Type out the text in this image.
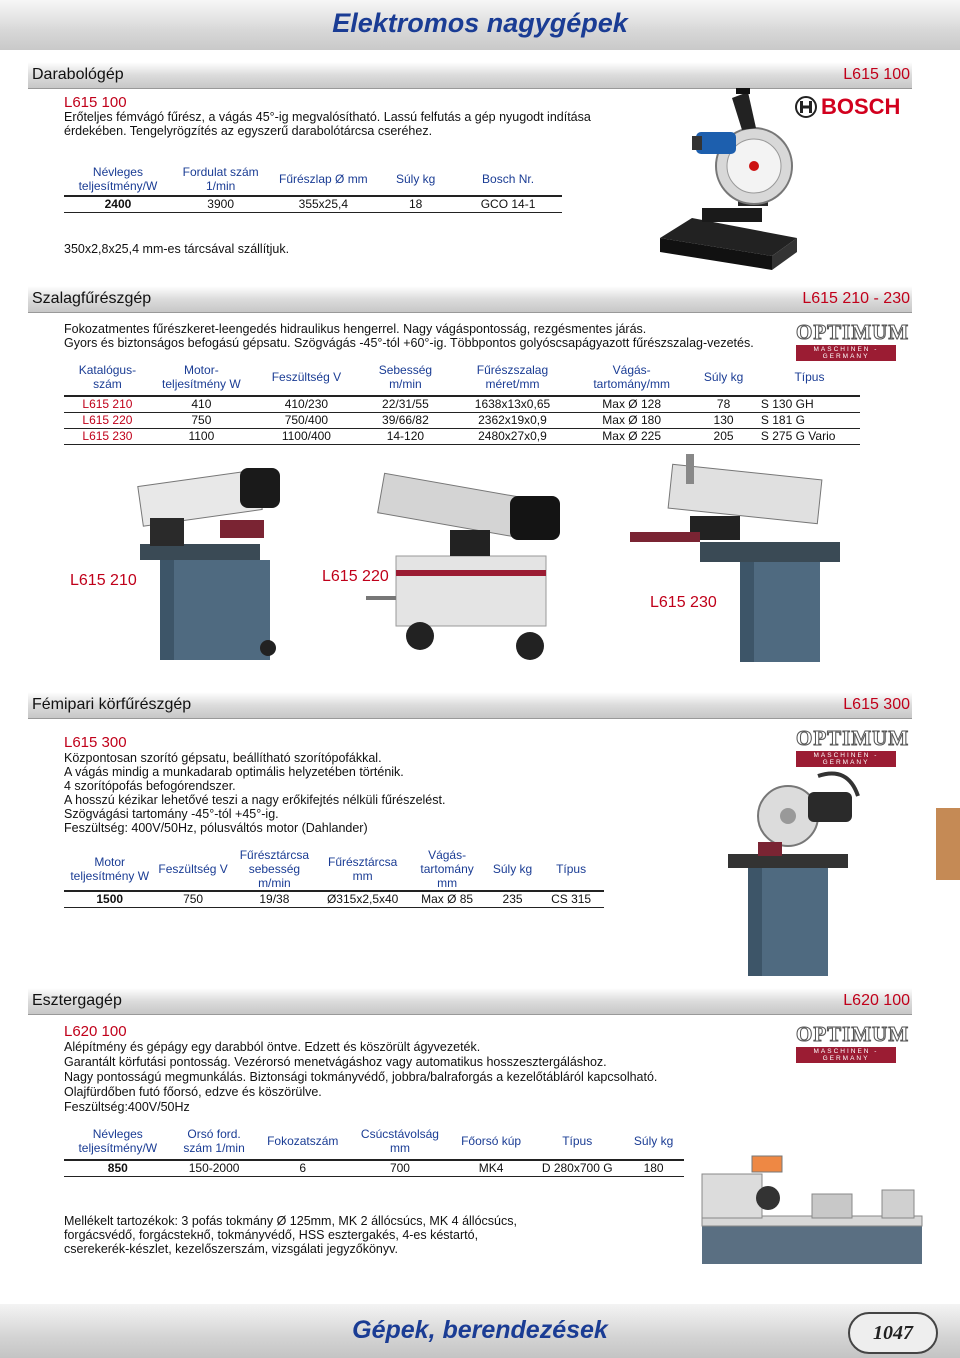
Elektromos nagygépek
Darabológép	L615 100
L615 100
Erőteljes fémvágó fűrész, a vágás 45°-ig megvalósítható. Lassú felfutás a gép nyugodt indítása
érdekében. Tengelyrögzítés az egyszerű darabolótárcsa cseréhez.
Névleges teljesítmény/W	Fordulat szám 1/min	Fűrészlap Ø mm	Súly kg	Bosch Nr.
2400	3900	355x25,4	18	GCO 14-1
350x2,8x25,4 mm-es tárcsával szállítjuk.
BOSCH
Szalagfűrészgép	L615 210 - 230
Fokozatmentes fűrészkeret-leengedés hidraulikus hengerrel. Nagy vágáspontosság, rezgésmentes járás.
Gyors és biztonságos befogású gépsatu. Szögvágás -45°-tól +60°-ig. Többpontos golyóscsapágyazott fűrészszalag-vezetés. OPTIMUM
MASCHINEN - GERMANY
Katalógus-szám	Motor-teljesítmény W	Feszültség V	Sebesség m/min	Fűrészszalag méret/mm	Vágás-tartomány/mm	Súly kg	Típus
L615 210	410	410/230	22/31/55	1638x13x0,65	Max Ø 128	78	S 130 GH
L615 220	750	750/400	39/66/82	2362x19x0,9	Max Ø 180	130	S 181 G
L615 230	1100	1100/400	14-120	2480x27x0,9	Max Ø 225	205	S 275 G Vario
L615 210	L615 220
L615 230
Fémipari körfűrészgép	L615 300
L615 300
Központosan szorító gépsatu, beállítható szorítópofákkal.
A vágás mindig a munkadarab optimális helyzetében történik.
4 szorítópofás befogórendszer.
A hosszú kézikar lehetővé teszi a nagy erőkifejtés nélküli fűrészelést.
Szögvágási tartomány -45°-tól +45°-ig.
Feszültség: 400V/50Hz, pólusváltós motor (Dahlander)
OPTIMUM
MASCHINEN - GERMANY
Motor teljesítmény W	Feszültség V	Fűrésztárcsa sebesség m/min	Fűrésztárcsa mm	Vágás-tartomány mm	Súly kg	Típus
1500	750	19/38	Ø315x2,5x40	Max Ø 85	235	CS 315
Esztergagép	L620 100
L620 100
Alépítmény és gépágy egy darabból öntve. Edzett és köszörült ágyvezeték.
Garantált körfutási pontosság. Vezérorsó menetvágáshoz vagy automatikus hosszesztergáláshoz.
Nagy pontosságú megmunkálás. Biztonsági tokmányvédő, jobbra/balraforgás a kezelőtábláról kapcsolható.
Olajfürdőben futó főorsó, edzve és köszörülve.
Feszültség:400V/50Hz
OPTIMUM
MASCHINEN - GERMANY
Névleges teljesítmény/W	Orsó ford. szám 1/min	Fokozatszám	Csúcstávolság mm	Főorsó kúp	Típus	Súly kg
850	150-2000	6	700	MK4	D 280x700 G	180
Mellékelt tartozékok: 3 pofás tokmány Ø 125mm, MK 2 állócsúcs, MK 4 állócsúcs,
forgácsvédő, forgácstekнő, tokmányvédő, HSS esztergakés, 4-es késtartó,
cserekerék-készlet, kezelőszerszám, vizsgálati jegyzőkönyv.
Gépek, berendezések	1047
